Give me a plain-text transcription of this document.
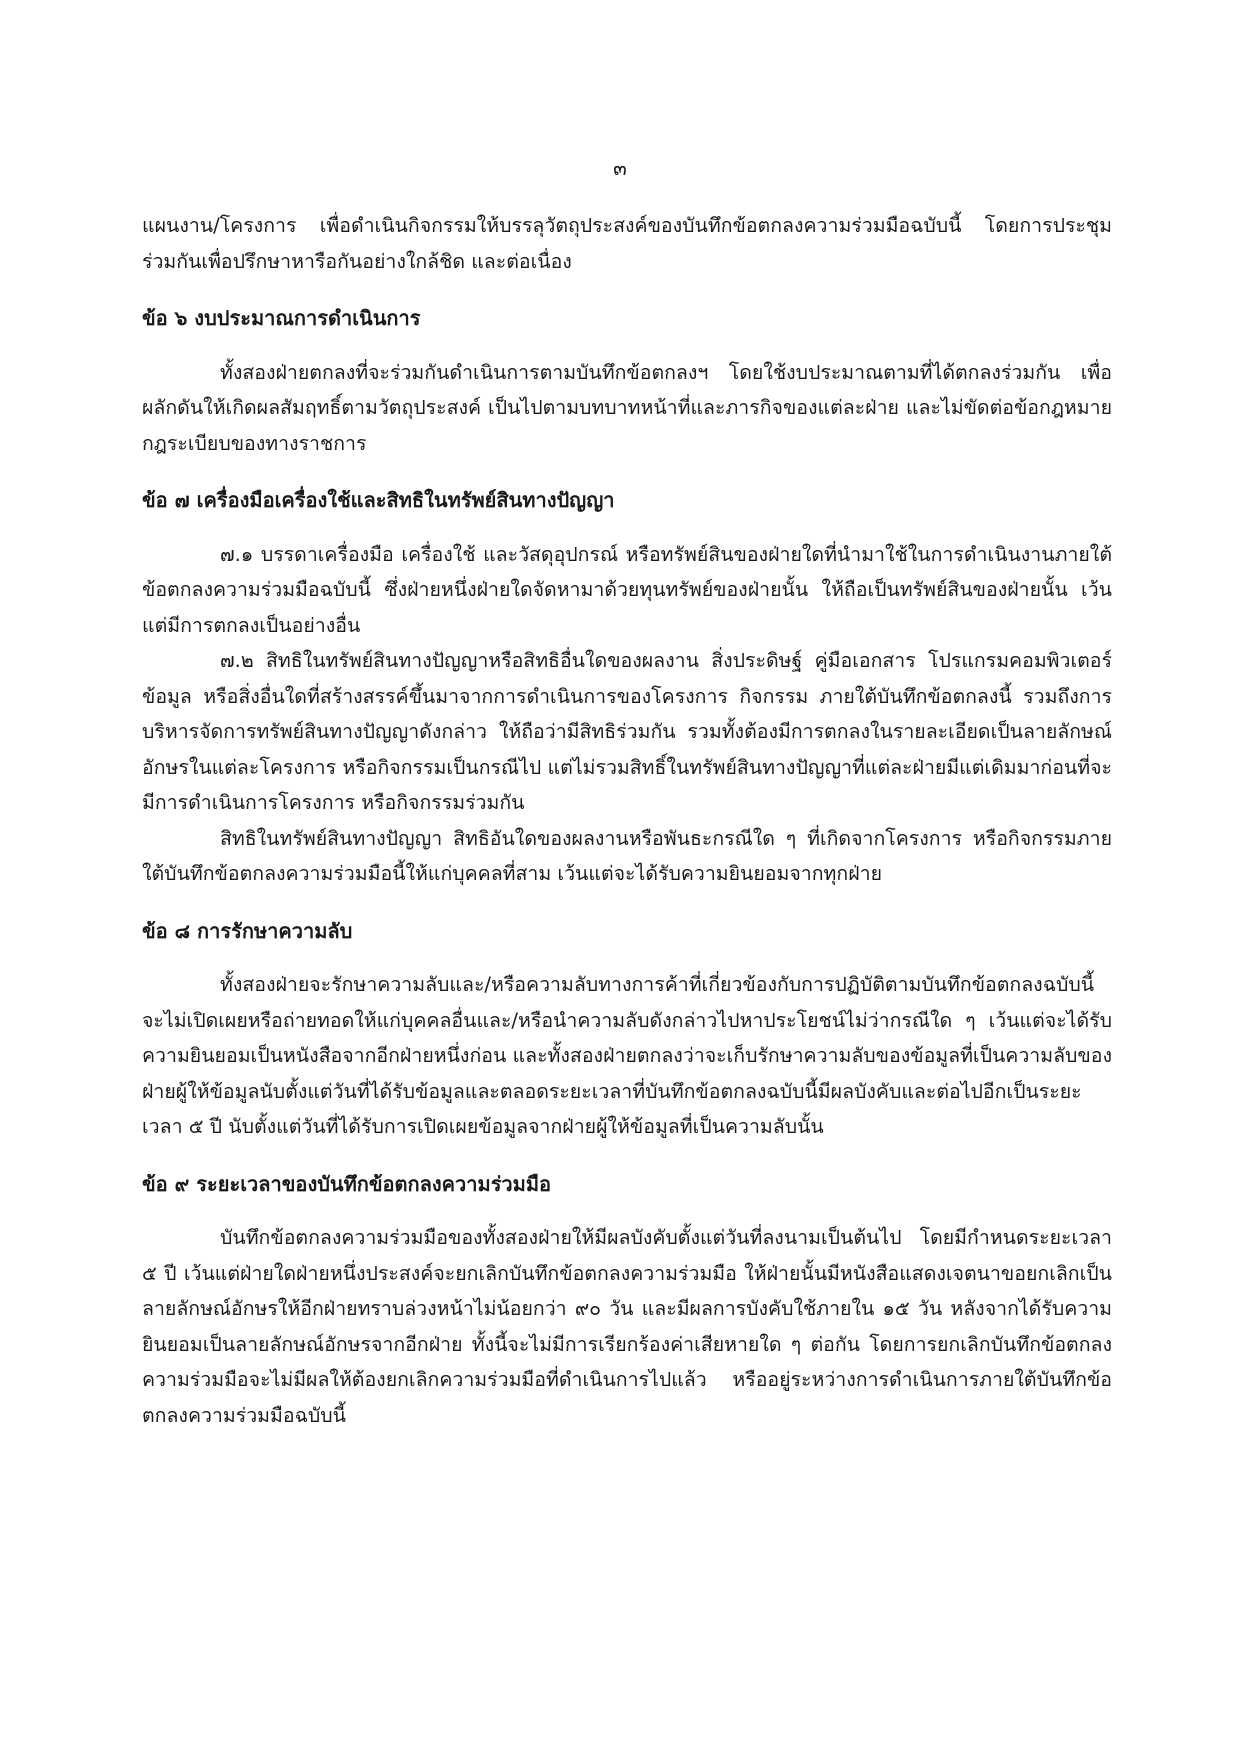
๓

แผนงาน/โครงการ เพื่อดำเนินกิจกรรมให้บรรลุวัตถุประสงค์ของบันทึกข้อตกลงความร่วมมือฉบับนี้ โดยการประชุมร่วมกันเพื่อปรึกษาหารือกันอย่างใกล้ชิด และต่อเนื่อง

ข้อ ๖ งบประมาณการดำเนินการ

ทั้งสองฝ่ายตกลงที่จะร่วมกันดำเนินการตามบันทึกข้อตกลงฯ โดยใช้งบประมาณตามที่ได้ตกลงร่วมกัน เพื่อผลักดันให้เกิดผลสัมฤทธิ์ตามวัตถุประสงค์ เป็นไปตามบทบาทหน้าที่และภารกิจของแต่ละฝ่าย และไม่ขัดต่อข้อกฎหมาย กฎระเบียบของทางราชการ

ข้อ ๗ เครื่องมือเครื่องใช้และสิทธิในทรัพย์สินทางปัญญา

๗.๑ บรรดาเครื่องมือ เครื่องใช้ และวัสดุอุปกรณ์ หรือทรัพย์สินของฝ่ายใดที่นำมาใช้ในการดำเนินงานภายใต้ข้อตกลงความร่วมมือฉบับนี้ ซึ่งฝ่ายหนึ่งฝ่ายใดจัดหามาด้วยทุนทรัพย์ของฝ่ายนั้น ให้ถือเป็นทรัพย์สินของฝ่ายนั้น เว้นแต่มีการตกลงเป็นอย่างอื่น

๗.๒ สิทธิในทรัพย์สินทางปัญญาหรือสิทธิอื่นใดของผลงาน สิ่งประดิษฐ์ คู่มือเอกสาร โปรแกรมคอมพิวเตอร์ ข้อมูล หรือสิ่งอื่นใดที่สร้างสรรค์ขึ้นมาจากการดำเนินการของโครงการ กิจกรรม ภายใต้บันทึกข้อตกลงนี้ รวมถึงการบริหารจัดการทรัพย์สินทางปัญญาดังกล่าว ให้ถือว่ามีสิทธิร่วมกัน รวมทั้งต้องมีการตกลงในรายละเอียดเป็นลายลักษณ์อักษรในแต่ละโครงการ หรือกิจกรรมเป็นกรณีไป แต่ไม่รวมสิทธิ์ในทรัพย์สินทางปัญญาที่แต่ละฝ่ายมีแต่เดิมมาก่อนที่จะมีการดำเนินการโครงการ หรือกิจกรรมร่วมกัน

สิทธิในทรัพย์สินทางปัญญา สิทธิอันใดของผลงานหรือพันธะกรณีใด ๆ ที่เกิดจากโครงการ หรือกิจกรรมภายใต้บันทึกข้อตกลงความร่วมมือนี้ให้แก่บุคคลที่สาม เว้นแต่จะได้รับความยินยอมจากทุกฝ่าย

ข้อ ๘ การรักษาความลับ

ทั้งสองฝ่ายจะรักษาความลับและ/หรือความลับทางการค้าที่เกี่ยวข้องกับการปฏิบัติตามบันทึกข้อตกลงฉบับนี้จะไม่เปิดเผยหรือถ่ายทอดให้แก่บุคคลอื่นและ/หรือนำความลับดังกล่าวไปหาประโยชน์ไม่ว่ากรณีใด ๆ เว้นแต่จะได้รับความยินยอมเป็นหนังสือจากอีกฝ่ายหนึ่งก่อน และทั้งสองฝ่ายตกลงว่าจะเก็บรักษาความลับของข้อมูลที่เป็นความลับของฝ่ายผู้ให้ข้อมูลนับตั้งแต่วันที่ได้รับข้อมูลและตลอดระยะเวลาที่บันทึกข้อตกลงฉบับนี้มีผลบังคับและต่อไปอีกเป็นระยะเวลา ๕ ปี นับตั้งแต่วันที่ได้รับการเปิดเผยข้อมูลจากฝ่ายผู้ให้ข้อมูลที่เป็นความลับนั้น

ข้อ ๙ ระยะเวลาของบันทึกข้อตกลงความร่วมมือ

บันทึกข้อตกลงความร่วมมือของทั้งสองฝ่ายให้มีผลบังคับตั้งแต่วันที่ลงนามเป็นต้นไป โดยมีกำหนดระยะเวลา ๕ ปี เว้นแต่ฝ่ายใดฝ่ายหนึ่งประสงค์จะยกเลิกบันทึกข้อตกลงความร่วมมือ ให้ฝ่ายนั้นมีหนังสือแสดงเจตนาขอยกเลิกเป็นลายลักษณ์อักษรให้อีกฝ่ายทราบล่วงหน้าไม่น้อยกว่า ๙๐ วัน และมีผลการบังคับใช้ภายใน ๑๕ วัน หลังจากได้รับความยินยอมเป็นลายลักษณ์อักษรจากอีกฝ่าย ทั้งนี้จะไม่มีการเรียกร้องค่าเสียหายใด ๆ ต่อกัน โดยการยกเลิกบันทึกข้อตกลงความร่วมมือจะไม่มีผลให้ต้องยกเลิกความร่วมมือที่ดำเนินการไปแล้ว หรืออยู่ระหว่างการดำเนินการภายใต้บันทึกข้อตกลงความร่วมมือฉบับนี้
